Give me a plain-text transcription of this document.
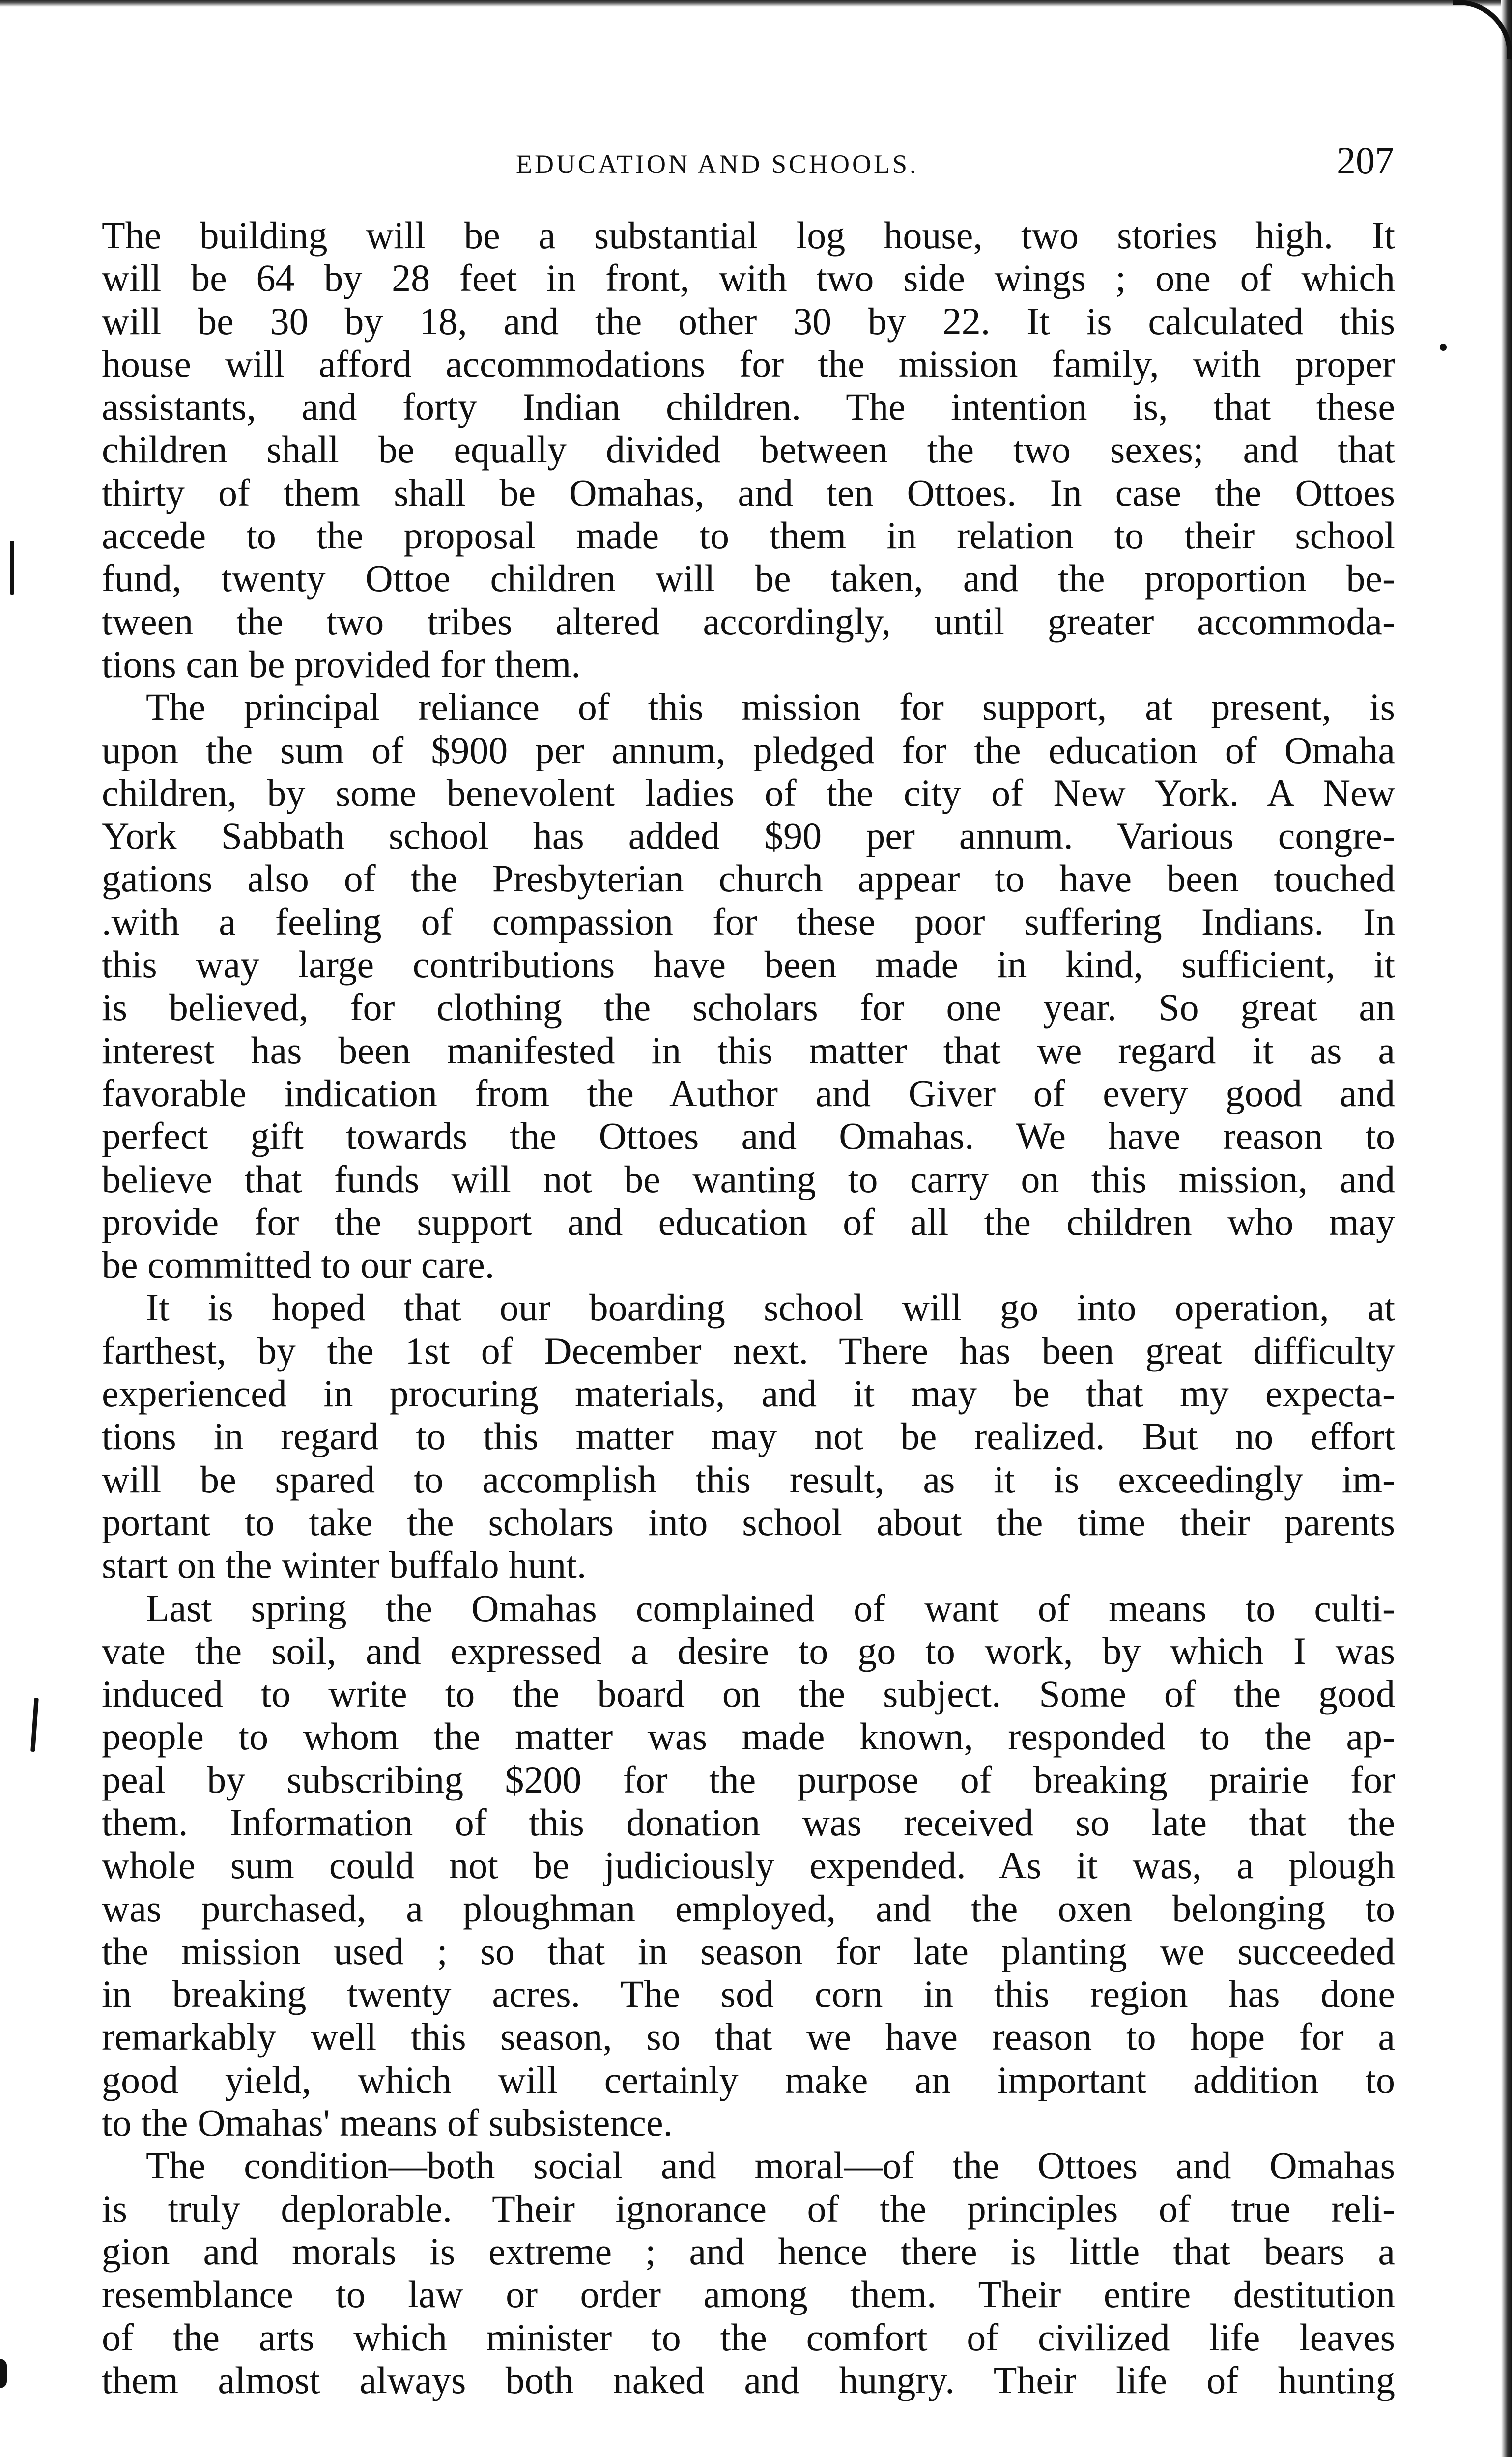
EDUCATION AND SCHOOLS.	207
The building will be a substantial log house, two stories high. It
will be 64 by 28 feet in front, with two side wings ; one of which
will be 30 by 18, and the other 30 by 22. It is calculated this
house will afford accommodations for the mission family, with proper
assistants, and forty Indian children. The intention is, that these
children shall be equally divided between the two sexes; and that
thirty of them shall be Omahas, and ten Ottoes. In case the Ottoes
accede to the proposal made to them in relation to their school
fund, twenty Ottoe children will be taken, and the proportion be-
tween the two tribes altered accordingly, until greater accommoda-
tions can be provided for them.
The principal reliance of this mission for support, at present, is
upon the sum of $900 per annum, pledged for the education of Omaha
children, by some benevolent ladies of the city of New York. A New
York Sabbath school has added $90 per annum. Various congre-
gations also of the Presbyterian church appear to have been touched
.with a feeling of compassion for these poor suffering Indians. In
this way large contributions have been made in kind, sufficient, it
is believed, for clothing the scholars for one year. So great an
interest has been manifested in this matter that we regard it as a
favorable indication from the Author and Giver of every good and
perfect gift towards the Ottoes and Omahas. We have reason to
believe that funds will not be wanting to carry on this mission, and
provide for the support and education of all the children who may
be committed to our care.
It is hoped that our boarding school will go into operation, at
farthest, by the 1st of December next. There has been great difficulty
experienced in procuring materials, and it may be that my expecta-
tions in regard to this matter may not be realized. But no effort
will be spared to accomplish this result, as it is exceedingly im-
portant to take the scholars into school about the time their parents
start on the winter buffalo hunt.
Last spring the Omahas complained of want of means to culti-
vate the soil, and expressed a desire to go to work, by which I was
induced to write to the board on the subject. Some of the good
people to whom the matter was made known, responded to the ap-
peal by subscribing $200 for the purpose of breaking prairie for
them. Information of this donation was received so late that the
whole sum could not be judiciously expended. As it was, a plough
was purchased, a ploughman employed, and the oxen belonging to
the mission used ; so that in season for late planting we succeeded
in breaking twenty acres. The sod corn in this region has done
remarkably well this season, so that we have reason to hope for a
good yield, which will certainly make an important addition to
to the Omahas' means of subsistence.
The condition—both social and moral—of the Ottoes and Omahas
is truly deplorable. Their ignorance of the principles of true reli-
gion and morals is extreme ; and hence there is little that bears a
resemblance to law or order among them. Their entire destitution
of the arts which minister to the comfort of civilized life leaves
them almost always both naked and hungry. Their life of hunting
